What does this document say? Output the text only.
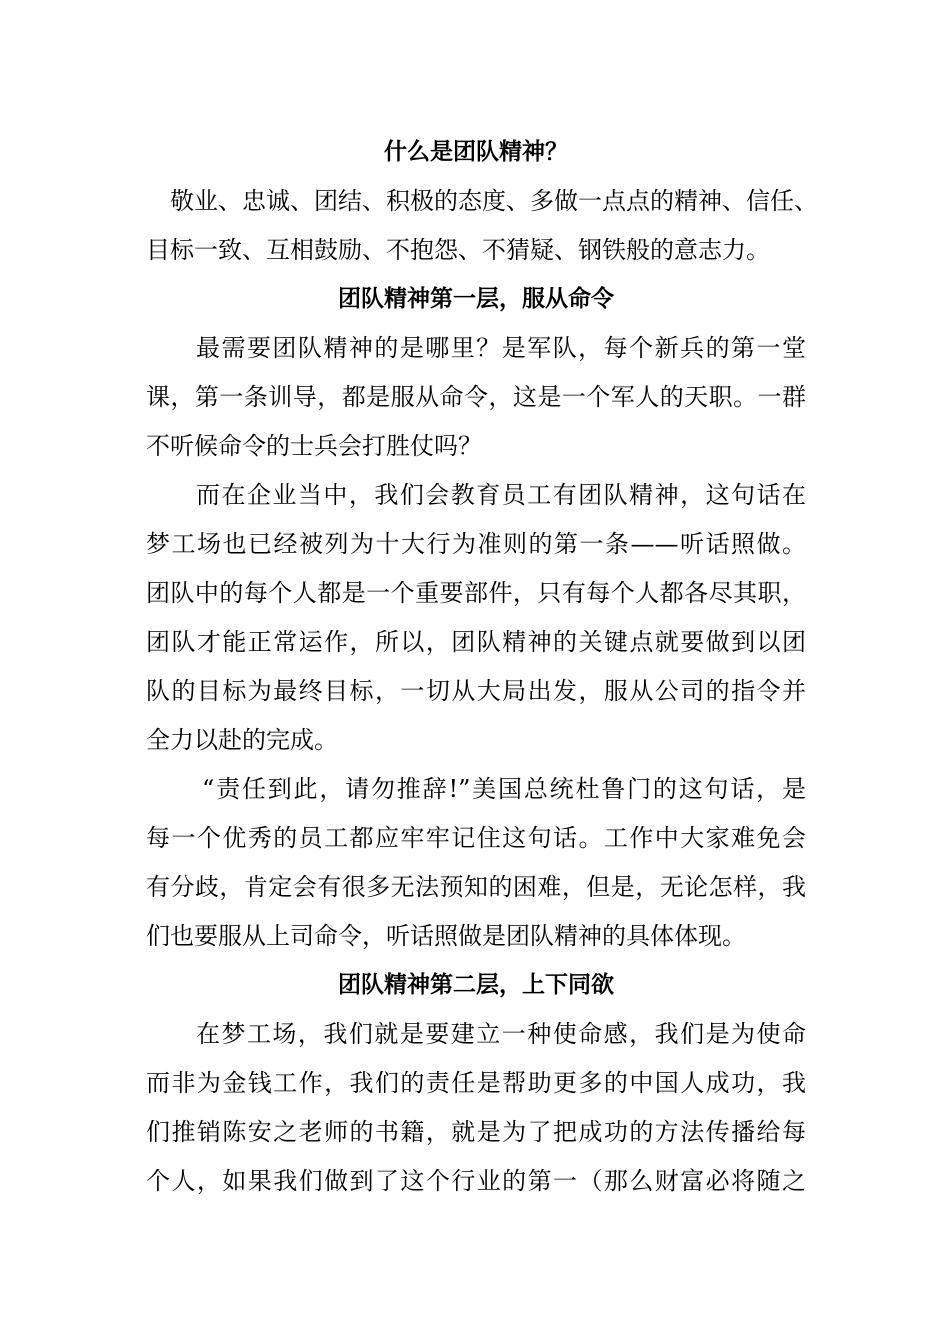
什么是团队精神？
敬业、忠诚、团结、积极的态度、多做一点点的精神、信任、
目标一致、互相鼓励、不抱怨、不猜疑、钢铁般的意志力。
团队精神第一层，服从命令
最需要团队精神的是哪里？是军队，每个新兵的第一堂
课，第一条训导，都是服从命令，这是一个军人的天职。一群
不听候命令的士兵会打胜仗吗？
而在企业当中，我们会教育员工有团队精神，这句话在
梦工场也已经被列为十大行为准则的第一条——听话照做。
团队中的每个人都是一个重要部件，只有每个人都各尽其职，
团队才能正常运作，所以，团队精神的关键点就要做到以团
队的目标为最终目标，一切从大局出发，服从公司的指令并
全力以赴的完成。
“责任到此，请勿推辞!”美国总统杜鲁门的这句话，是
每一个优秀的员工都应牢牢记住这句话。工作中大家难免会
有分歧，肯定会有很多无法预知的困难，但是，无论怎样，我
们也要服从上司命令，听话照做是团队精神的具体体现。
团队精神第二层，上下同欲
在梦工场，我们就是要建立一种使命感，我们是为使命
而非为金钱工作，我们的责任是帮助更多的中国人成功，我
们推销陈安之老师的书籍，就是为了把成功的方法传播给每
个人，如果我们做到了这个行业的第一（那么财富必将随之
